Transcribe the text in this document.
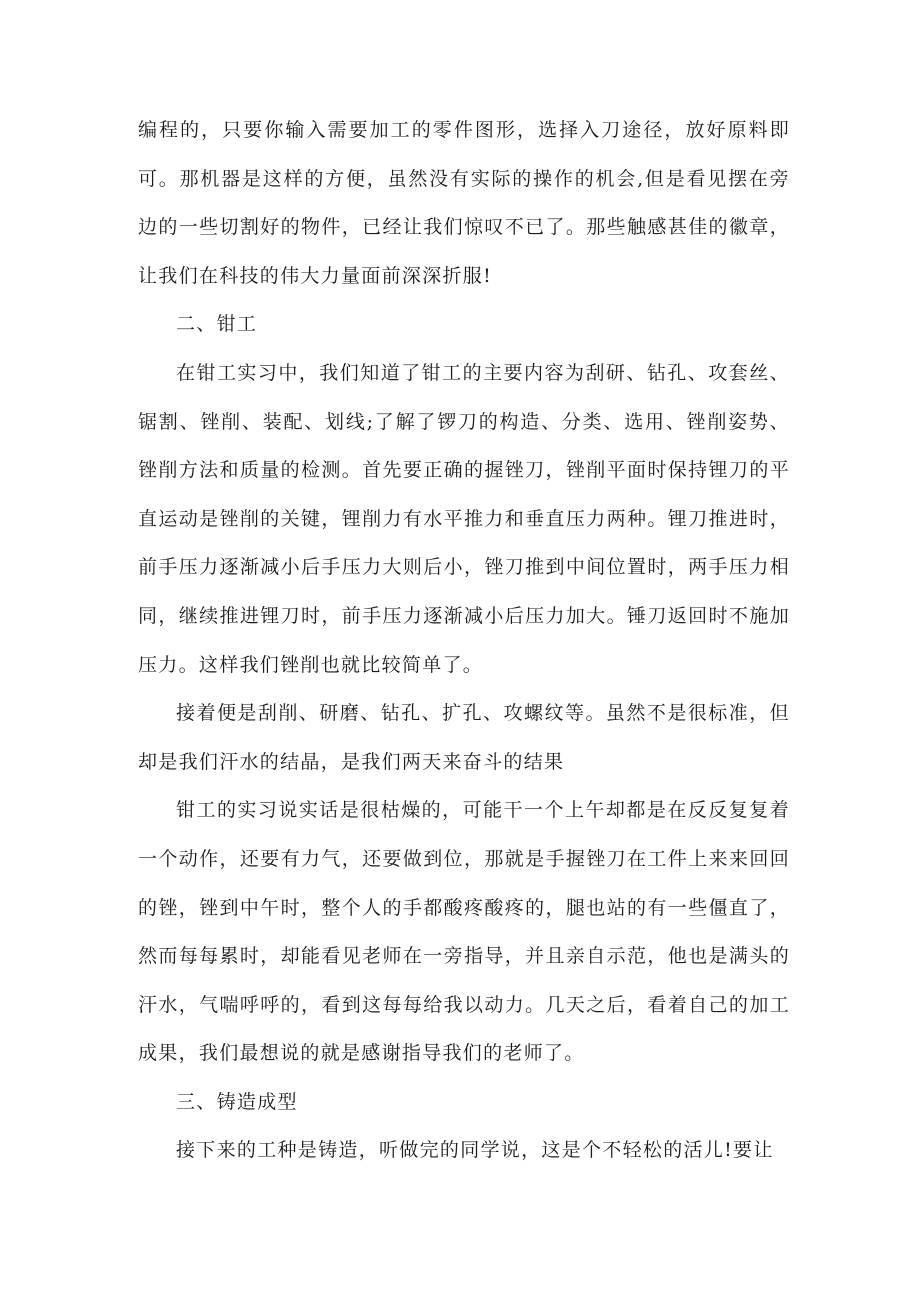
编程的，只要你输入需要加工的零件图形，选择入刀途径，放好原料即可。那机器是这样的方便，虽然没有实际的操作的机会,但是看见摆在旁边的一些切割好的物件，已经让我们惊叹不已了。那些触感甚佳的徽章，让我们在科技的伟大力量面前深深折服!

二、钳工

在钳工实习中，我们知道了钳工的主要内容为刮研、钻孔、攻套丝、锯割、锉削、装配、划线;了解了锣刀的构造、分类、选用、锉削姿势、锉削方法和质量的检测。首先要正确的握锉刀，锉削平面时保持锂刀的平直运动是锉削的关键，锂削力有水平推力和垂直压力两种。锂刀推进时，前手压力逐渐减小后手压力大则后小，锉刀推到中间位置时，两手压力相同，继续推进锂刀时，前手压力逐渐减小后压力加大。锤刀返回时不施加压力。这样我们锉削也就比较简单了。

接着便是刮削、研磨、钻孔、扩孔、攻螺纹等。虽然不是很标准，但却是我们汗水的结晶，是我们两天来奋斗的结果

钳工的实习说实话是很枯燥的，可能干一个上午却都是在反反复复着一个动作，还要有力气，还要做到位，那就是手握锉刀在工件上来来回回的锉，锉到中午时，整个人的手都酸疼酸疼的，腿也站的有一些僵直了，然而每每累时，却能看见老师在一旁指导，并且亲自示范，他也是满头的汗水，气喘呼呼的，看到这每每给我以动力。几天之后，看着自己的加工成果，我们最想说的就是感谢指导我们的老师了。

三、铸造成型

接下来的工种是铸造，听做完的同学说，这是个不轻松的活儿!要让
